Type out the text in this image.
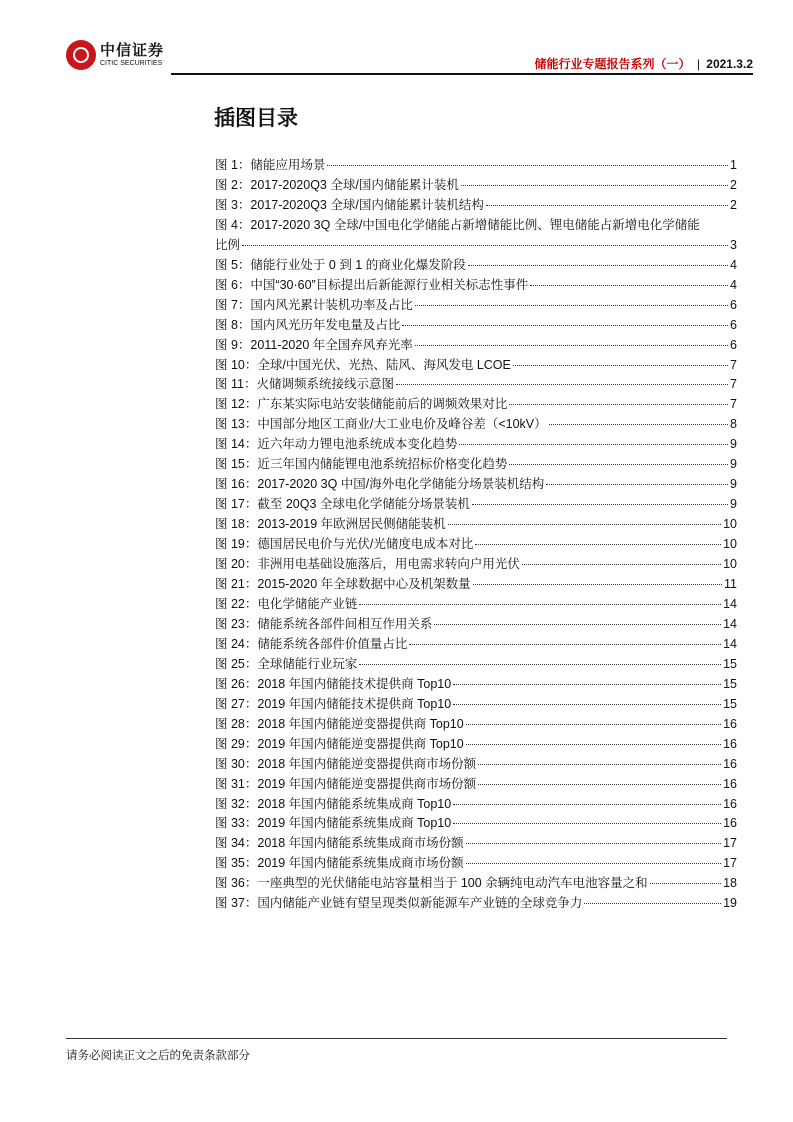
中信证券
CITIC SECURITIES	储能行业专题报告系列（一） | 2021.3.2
插图目录
图 1：储能应用场景	1
图 2：2017-2020Q3 全球/国内储能累计装机	2
图 3：2017-2020Q3 全球/国内储能累计装机结构	2
图 4：2017-2020 3Q 全球/中国电化学储能占新增储能比例、锂电储能占新增电化学储能
比例	3
图 5：储能行业处于 0 到 1 的商业化爆发阶段	4
图 6：中国“30·60”目标提出后新能源行业相关标志性事件	4
图 7：国内风光累计装机功率及占比	6
图 8：国内风光历年发电量及占比	6
图 9：2011-2020 年全国弃风弃光率	6
图 10：全球/中国光伏、光热、陆风、海风发电 LCOE	7
图 11：火储调频系统接线示意图	7
图 12：广东某实际电站安装储能前后的调频效果对比	7
图 13：中国部分地区工商业/大工业电价及峰谷差（<10kV）	8
图 14：近六年动力锂电池系统成本变化趋势	9
图 15：近三年国内储能锂电池系统招标价格变化趋势	9
图 16：2017-2020 3Q 中国/海外电化学储能分场景装机结构	9
图 17：截至 20Q3 全球电化学储能分场景装机	9
图 18：2013-2019 年欧洲居民侧储能装机	10
图 19：德国居民电价与光伏/光储度电成本对比	10
图 20：非洲用电基础设施落后，用电需求转向户用光伏	10
图 21：2015-2020 年全球数据中心及机架数量	11
图 22：电化学储能产业链	14
图 23：储能系统各部件间相互作用关系	14
图 24：储能系统各部件价值量占比	14
图 25：全球储能行业玩家	15
图 26：2018 年国内储能技术提供商 Top10	15
图 27：2019 年国内储能技术提供商 Top10	15
图 28：2018 年国内储能逆变器提供商 Top10	16
图 29：2019 年国内储能逆变器提供商 Top10	16
图 30：2018 年国内储能逆变器提供商市场份额	16
图 31：2019 年国内储能逆变器提供商市场份额	16
图 32：2018 年国内储能系统集成商 Top10	16
图 33：2019 年国内储能系统集成商 Top10	16
图 34：2018 年国内储能系统集成商市场份额	17
图 35：2019 年国内储能系统集成商市场份额	17
图 36：一座典型的光伏储能电站容量相当于 100 余辆纯电动汽车电池容量之和	18
图 37：国内储能产业链有望呈现类似新能源车产业链的全球竞争力	19
请务必阅读正文之后的免责条款部分
